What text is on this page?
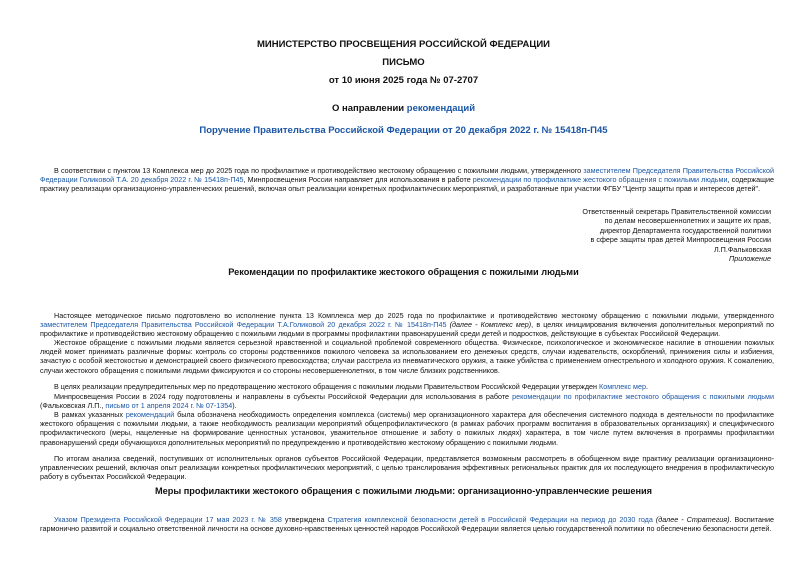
МИНИСТЕРСТВО ПРОСВЕЩЕНИЯ РОССИЙСКОЙ ФЕДЕРАЦИИ
ПИСЬМО
от 10 июня 2025 года № 07-2707
О направлении рекомендаций
Поручение Правительства Российской Федерации от 20 декабря 2022 г. № 15418п-П45
В соответствии с пунктом 13 Комплекса мер до 2025 года по профилактике и противодействию жестокому обращению с пожилыми людьми, утвержденного заместителем Председателя Правительства Российской Федерации Голиковой Т.А. 20 декабря 2022 г. № 15418п-П45, Минпросвещения России направляет для использования в работе рекомендации по профилактике жестокого обращения с пожилыми людьми, содержащие практику реализации организационно-управленческих решений, включая опыт реализации конкретных профилактических мероприятий, и разработанные при участии ФГБУ "Центр защиты прав и интересов детей".
Ответственный секретарь Правительственной комиссии
по делам несовершеннолетних и защите их прав,
директор Департамента государственной политики
в сфере защиты прав детей Минпросвещения России
Л.П.Фальковская
Приложение
Рекомендации по профилактике жестокого обращения с пожилыми людьми
Настоящее методическое письмо подготовлено во исполнение пункта 13 Комплекса мер до 2025 года по профилактике и противодействию жестокому обращению с пожилыми людьми, утвержденного заместителем Председателя Правительства Российской Федерации Т.А.Голиковой 20 декабря 2022 г. № 15418п-П45 (далее - Комплекс мер), в целях инициирования включения дополнительных мероприятий по профилактике и противодействию жестокому обращению с пожилыми людьми в программы профилактики правонарушений среди детей и подростков, действующие в субъектах Российской Федерации.
Жестокое обращение с пожилыми людьми является серьезной нравственной и социальной проблемой современного общества. Физическое, психологическое и экономическое насилие в отношении пожилых людей может принимать различные формы: контроль со стороны родственников пожилого человека за использованием его денежных средств, случаи издевательств, оскорблений, принижения силы и избиения, зачастую с особой жестокостью и демонстрацией своего физического превосходства; случаи расстрела из пневматического оружия, а также убийства с применением огнестрельного и холодного оружия. К сожалению, случаи жестокого обращения с пожилыми людьми фиксируются и со стороны несовершеннолетних, в том числе близких родственников.
В целях реализации предупредительных мер по предотвращению жестокого обращения с пожилыми людьми Правительством Российской Федерации утвержден Комплекс мер.
Минпросвещения России в 2024 году подготовлены и направлены в субъекты Российской Федерации для использования в работе рекомендации по профилактике жестокого обращения с пожилыми людьми (Фальковская Л.П., письмо от 1 апреля 2024 г. № 07-1354).
В рамках указанных рекомендаций была обозначена необходимость определения комплекса (системы) мер организационного характера для обеспечения системного подхода в деятельности по профилактике жестокого обращения с пожилыми людьми, а также необходимость реализации мероприятий общепрофилактического (в рамках рабочих программ воспитания в образовательных организациях) и специфического профилактического (меры, нацеленные на формирование ценностных установок, уважительное отношение и заботу о пожилых людях) характера, в том числе путем включения в программы профилактики правонарушений среди обучающихся дополнительных мероприятий по предупреждению и противодействию жестокому обращению с пожилыми людьми.
По итогам анализа сведений, поступивших от исполнительных органов субъектов Российской Федерации, представляется возможным рассмотреть в обобщенном виде практику реализации организационно-управленческих решений, включая опыт реализации конкретных профилактических мероприятий, с целью транслирования эффективных региональных практик для их последующего внедрения в профилактическую работу в субъектах Российской Федерации.
Меры профилактики жестокого обращения с пожилыми людьми: организационно-управленческие решения
Указом Президента Российской Федерации 17 мая 2023 г. № 358 утверждена Стратегия комплексной безопасности детей в Российской Федерации на период до 2030 года (далее - Стратегия). Воспитание гармонично развитой и социально ответственной личности на основе духовно-нравственных ценностей народов Российской Федерации является целью государственной политики по обеспечению безопасности детей.
